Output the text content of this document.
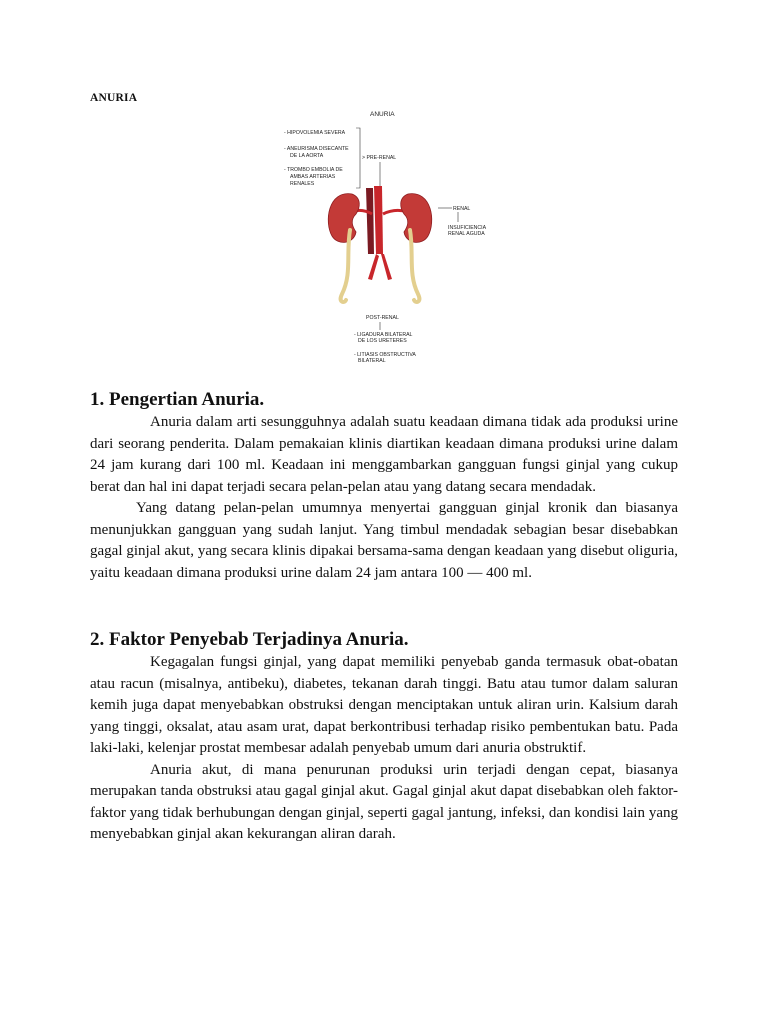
ANURIA
ANURIA
- HIPOVOLEMIA SEVERA
- ANEURISMA DISECANTE
DE LA AORTA
- TROMBO EMBOLIA DE
AMBAS ARTERIAS
RENALES
> PRE-RENAL
RENAL
INSUFICIENCIA
RENAL AGUDA
POST-RENAL
- LIGADURA BILATERAL
DE LOS URETERES
- LITIASIS OBSTRUCTIVA
BILATERAL
1. Pengertian Anuria.

Anuria dalam arti sesungguhnya adalah suatu keadaan dimana tidak ada produksi urine dari seorang penderita. Dalam pemakaian klinis diartikan keadaan dimana produksi urine dalam 24 jam kurang dari 100 ml. Keadaan ini menggambarkan gangguan fungsi ginjal yang cukup berat dan hal ini dapat terjadi secara pelan-pelan atau yang datang secara mendadak.

Yang datang pelan-pelan umumnya menyertai gangguan ginjal kronik dan biasanya menunjukkan gangguan yang sudah lanjut. Yang timbul mendadak sebagian besar disebabkan gagal ginjal akut, yang secara klinis dipakai bersama-sama dengan keadaan yang disebut oliguria, yaitu keadaan dimana produksi urine dalam 24 jam antara 100 — 400 ml.

2. Faktor Penyebab Terjadinya Anuria.

Kegagalan fungsi ginjal, yang dapat memiliki penyebab ganda termasuk obat-obatan atau racun (misalnya, antibeku), diabetes, tekanan darah tinggi. Batu atau tumor dalam saluran kemih juga dapat menyebabkan obstruksi dengan menciptakan untuk aliran urin. Kalsium darah yang tinggi, oksalat, atau asam urat, dapat berkontribusi terhadap risiko pembentukan batu. Pada laki-laki, kelenjar prostat membesar adalah penyebab umum dari anuria obstruktif.

Anuria akut, di mana penurunan produksi urin terjadi dengan cepat, biasanya merupakan tanda obstruksi atau gagal ginjal akut. Gagal ginjal akut dapat disebabkan oleh faktor-faktor yang tidak berhubungan dengan ginjal, seperti gagal jantung, infeksi, dan kondisi lain yang menyebabkan ginjal akan kekurangan aliran darah.
